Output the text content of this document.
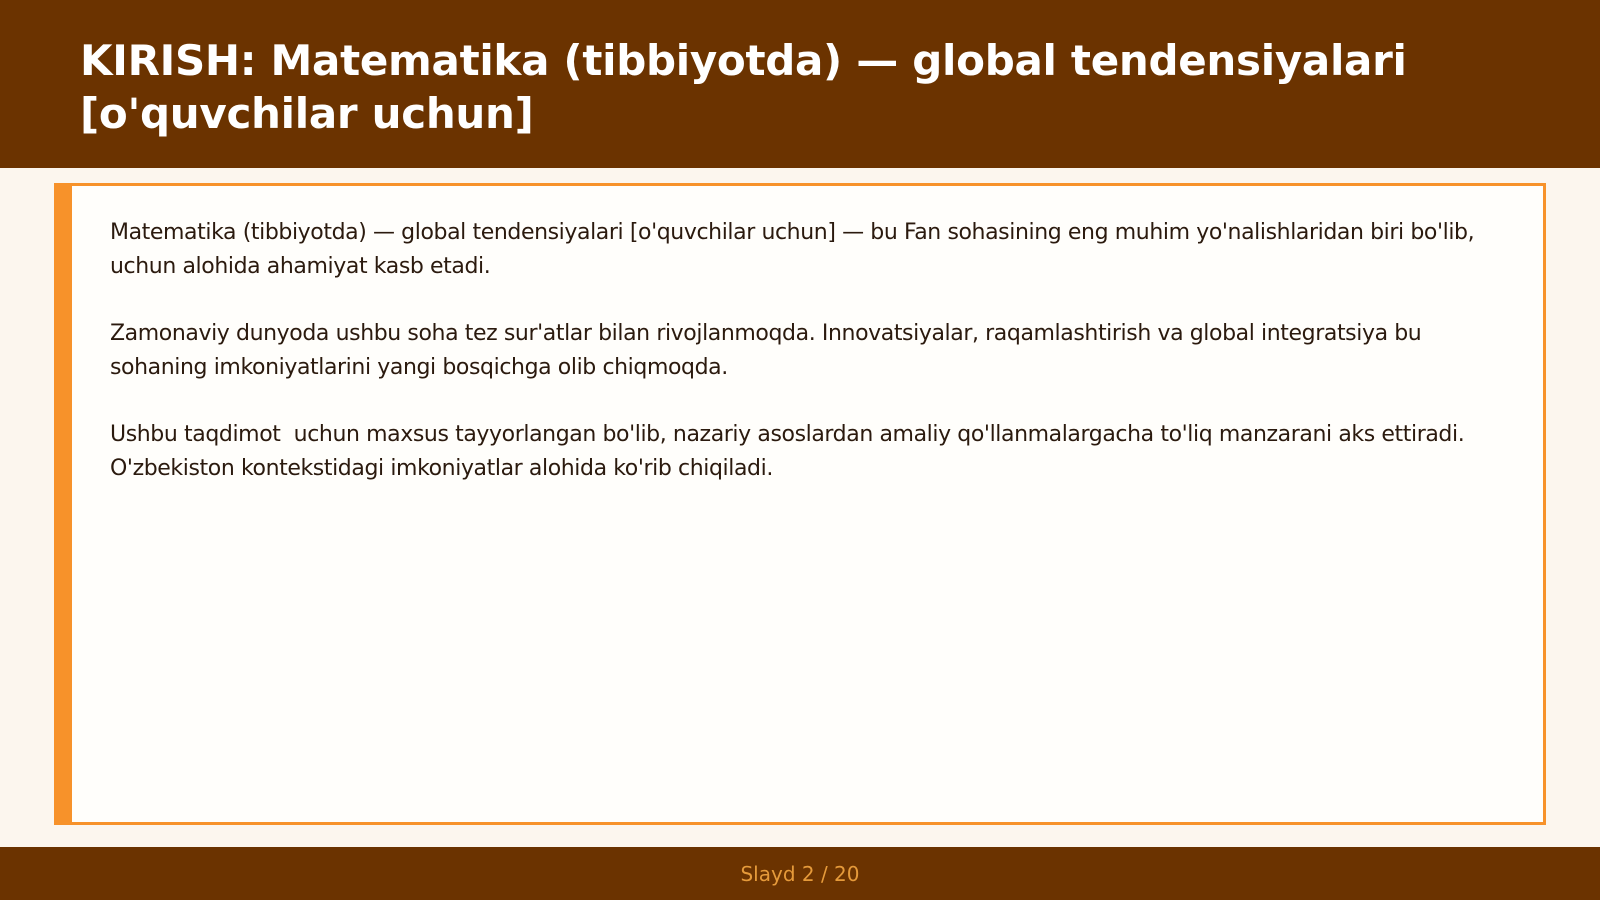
KIRISH: Matematika (tibbiyotda) — global tendensiyalari [o'quvchilar uchun]

Matematika (tibbiyotda) — global tendensiyalari [o'quvchilar uchun] — bu Fan sohasining eng muhim yo'nalishlaridan biri bo'lib,  uchun alohida ahamiyat kasb etadi.

Zamonaviy dunyoda ushbu soha tez sur'atlar bilan rivojlanmoqda. Innovatsiyalar, raqamlashtirish va global integratsiya bu sohaning imkoniyatlarini yangi bosqichga olib chiqmoqda.

Ushbu taqdimot  uchun maxsus tayyorlangan bo'lib, nazariy asoslardan amaliy qo'llanmalargacha to'liq manzarani aks ettiradi. O'zbekiston kontekstidagi imkoniyatlar alohida ko'rib chiqiladi.

Slayd 2 / 20
